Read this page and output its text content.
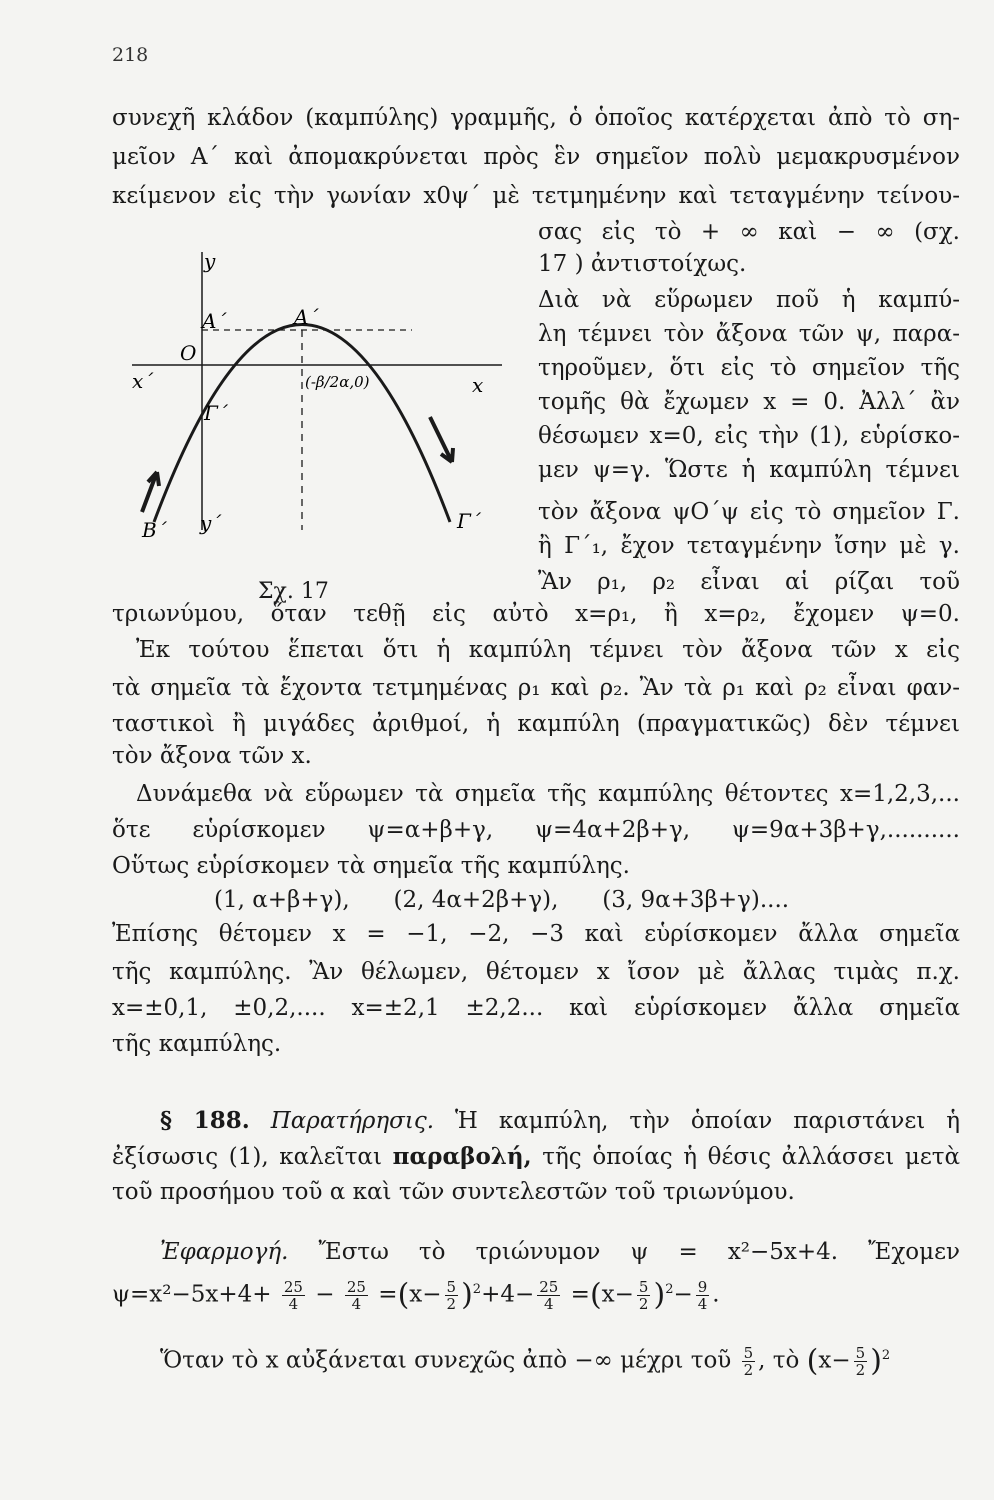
218
συνεχῆ κλάδον (καμπύλης) γραμμῆς, ὁ ὁποῖος κατέρχεται ἀπὸ τὸ ση-
μεῖον Α΄ καὶ ἀπομακρύνεται πρὸς ἓν σημεῖον πολὺ μεμακρυσμένον
κείμενον εἰς τὴν γωνίαν x0ψ΄ μὲ τετμημένην καὶ τεταγμένην τείνου-
σας εἰς τὸ + ∞ καὶ − ∞ (σχ.
17 ) ἀντιστοίχως.
Διὰ νὰ εὕρωμεν ποῦ ἡ καμπύ-
λη τέμνει τὸν ἄξονα τῶν ψ, παρα-
τηροῦμεν, ὅτι εἰς τὸ σημεῖον τῆς
τομῆς θὰ ἔχωμεν x = 0. Ἀλλ΄ ἂν
θέσωμεν x=0, εἰς τὴν (1), εὑρίσκο-
μεν ψ=γ. Ὥστε ἡ καμπύλη τέμνει
τὸν ἄξονα ψΟ΄ψ εἰς τὸ σημεῖον Γ.
ἢ Γ΄₁, ἔχον τεταγμένην ἴσην μὲ γ.
Ἂν ρ₁, ρ₂ εἶναι αἱ ρίζαι τοῦ
y
Α΄	Α΄
O
x΄	x
Γ΄
(-β/2α,0)
Β΄ y΄	Γ΄
Σχ. 17
τριωνύμου, ὅταν τεθῇ εἰς αὐτὸ x=ρ₁, ἢ x=ρ₂, ἔχομεν ψ=0.
Ἐκ τούτου ἕπεται ὅτι ἡ καμπύλη τέμνει τὸν ἄξονα τῶν x εἰς
τὰ σημεῖα τὰ ἔχοντα τετμημένας ρ₁ καὶ ρ₂. Ἂν τὰ ρ₁ καὶ ρ₂ εἶναι φαν-
ταστικοὶ ἢ μιγάδες ἀριθμοί, ἡ καμπύλη (πραγματικῶς) δὲν τέμνει
τὸν ἄξονα τῶν x.
Δυνάμεθα νὰ εὕρωμεν τὰ σημεῖα τῆς καμπύλης θέτοντες x=1,2,3,...
ὅτε εὑρίσκομεν ψ=α+β+γ, ψ=4α+2β+γ, ψ=9α+3β+γ,..........
Οὕτως εὑρίσκομεν τὰ σημεῖα τῆς καμπύλης.
(1, α+β+γ),      (2, 4α+2β+γ),      (3, 9α+3β+γ)....
Ἐπίσης θέτομεν x = −1, −2, −3 καὶ εὑρίσκομεν ἄλλα σημεῖα
τῆς καμπύλης. Ἂν θέλωμεν, θέτομεν x ἴσον μὲ ἄλλας τιμὰς π.χ.
x=±0,1, ±0,2,.... x=±2,1 ±2,2... καὶ εὑρίσκομεν ἄλλα σημεῖα
τῆς καμπύλης.
§ 188. Παρατήρησις. Ἡ καμπύλη, τὴν ὁποίαν παριστάνει ἡ
ἐξίσωσις (1), καλεῖται παραβολή, τῆς ὁποίας ἡ θέσις ἀλλάσσει μετὰ
τοῦ προσήμου τοῦ α καὶ τῶν συντελεστῶν τοῦ τριωνύμου.
Ἐφαρμογή. Ἔστω τὸ τριώνυμον ψ = x²−5x+4. Ἔχομεν
$\psi=x^2-5x+4+ \frac{25}{4} - \frac{25}{4} =(x- \frac{5}{2} )^2+4- \frac{25}{4} =(x- \frac{5}{2} )^2- \frac{9}{4}$ .
Ὅταν τὸ x αὐξάνεται συνεχῶς ἀπὸ −∞ μέχρι τοῦ $\frac{5}{2}$ , τὸ $(x- \frac{5}{2} )^2$
